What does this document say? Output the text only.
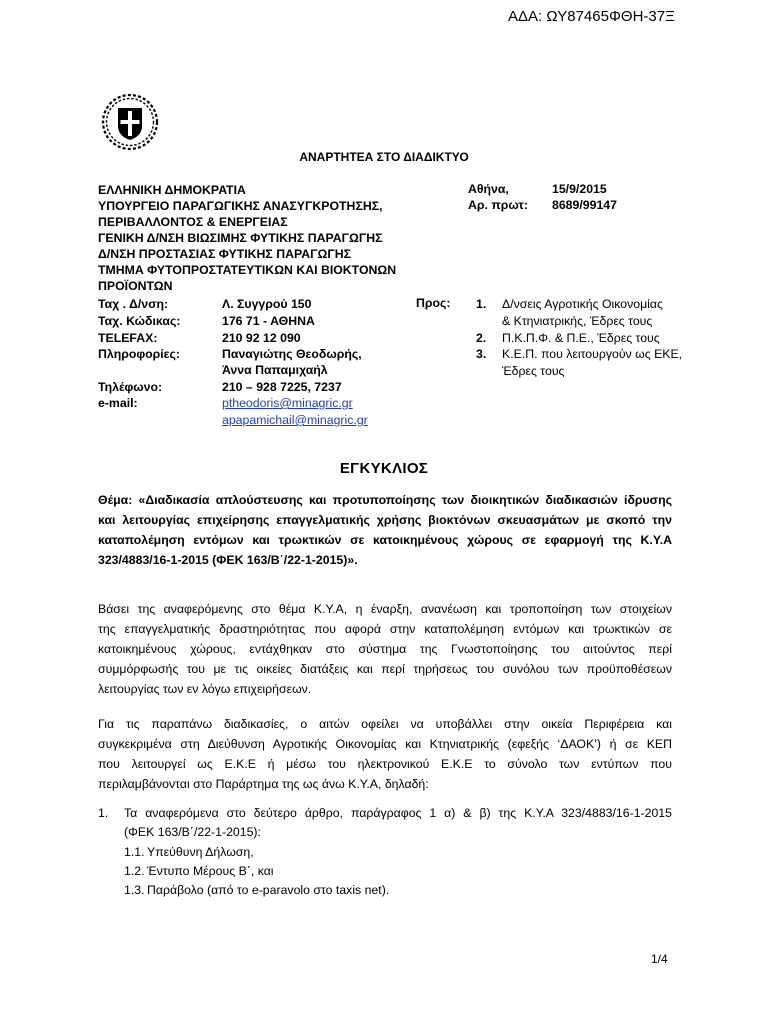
ΑΔΑ: ΩΥ87465ΦΘΗ-37Ξ
ΑΝΑΡΤΗΤΕΑ ΣΤΟ ΔΙΑΔΙΚΤΥΟ
ΕΛΛΗΝΙΚΗ ΔΗΜΟΚΡΑΤΙΑ
ΥΠΟΥΡΓΕΙΟ ΠΑΡΑΓΩΓΙΚΗΣ ΑΝΑΣΥΓΚΡΟΤΗΣΗΣ,
ΠΕΡΙΒΑΛΛΟΝΤΟΣ & ΕΝΕΡΓΕΙΑΣ
ΓΕΝΙΚΗ Δ/ΝΣΗ ΒΙΩΣΙΜΗΣ ΦΥΤΙΚΗΣ ΠΑΡΑΓΩΓΗΣ
Δ/ΝΣΗ ΠΡΟΣΤΑΣΙΑΣ ΦΥΤΙΚΗΣ ΠΑΡΑΓΩΓΗΣ
ΤΜΗΜΑ ΦΥΤΟΠΡΟΣΤΑΤΕΥΤΙΚΩΝ ΚΑΙ ΒΙΟΚΤΟΝΩΝ
ΠΡΟΪΟΝΤΩΝ
Αθήνα,	15/9/2015
Αρ. πρωτ: 8689/99147
Ταχ . Δ/νση:	Λ. Συγγρού 150
Ταχ. Κώδικας:	176 71 - ΑΘΗΝΑ
TELEFAX:	210 92 12 090
Πληροφορίες:	Παναγιώτης Θεοδωρής,
Άννα Παπαμιχαήλ
Τηλέφωνο:	210 – 928 7225, 7237
e-mail:	ptheodoris@minagric.gr
apapamichail@minagric.gr
Προς: 1. Δ/νσεις Αγροτικής Οικονομίας
& Κτηνιατρικής, Έδρες τους
2. Π.Κ.Π.Φ. & Π.Ε., Έδρες τους
3. Κ.Ε.Π. που λειτουργούν ως ΕΚΕ,
Έδρες τους
ΕΓΚΥΚΛΙΟΣ
Θέμα: «Διαδικασία απλούστευσης και προτυποποίησης των διοικητικών διαδικασιών ίδρυσης
και λειτουργίας επιχείρησης επαγγελματικής χρήσης βιοκτόνων σκευασμάτων με σκοπό την
καταπολέμηση εντόμων και τρωκτικών σε κατοικημένους χώρους σε εφαρμογή της Κ.Υ.Α
323/4883/16-1-2015 (ΦΕΚ 163/Β΄/22-1-2015)».
Βάσει της αναφερόμενης στο θέμα Κ.Υ.Α, η έναρξη, ανανέωση και τροποποίηση των στοιχείων
της επαγγελματικής δραστηριότητας που αφορά στην καταπολέμηση εντόμων και τρωκτικών σε
κατοικημένους χώρους, εντάχθηκαν στο σύστημα της Γνωστοποίησης του αιτούντος περί
συμμόρφωσής του με τις οικείες διατάξεις και περί τηρήσεως του συνόλου των προϋποθέσεων
λειτουργίας των εν λόγω επιχειρήσεων.
Για τις παραπάνω διαδικασίες, ο αιτών οφείλει να υποβάλλει στην οικεία Περιφέρεια και
συγκεκριμένα στη Διεύθυνση Αγροτικής Οικονομίας και Κτηνιατρικής (εφεξής ‘ΔΑΟΚ’) ή σε ΚΕΠ
που λειτουργεί ως Ε.Κ.Ε ή μέσω του ηλεκτρονικού Ε.Κ.Ε το σύνολο των εντύπων που
περιλαμβάνονται στο Παράρτημα της ως άνω Κ.Υ.Α, δηλαδή:
1. Τα αναφερόμενα στο δεύτερο άρθρο, παράγραφος 1 α) & β) της Κ.Υ.Α 323/4883/16-1-2015
(ΦΕΚ 163/Β΄/22-1-2015):
1.1. Υπεύθυνη Δήλωση,
1.2. Έντυπο Μέρους Β΄, και
1.3. Παράβολο (από το e-paravolo στο taxis net).
1/4
